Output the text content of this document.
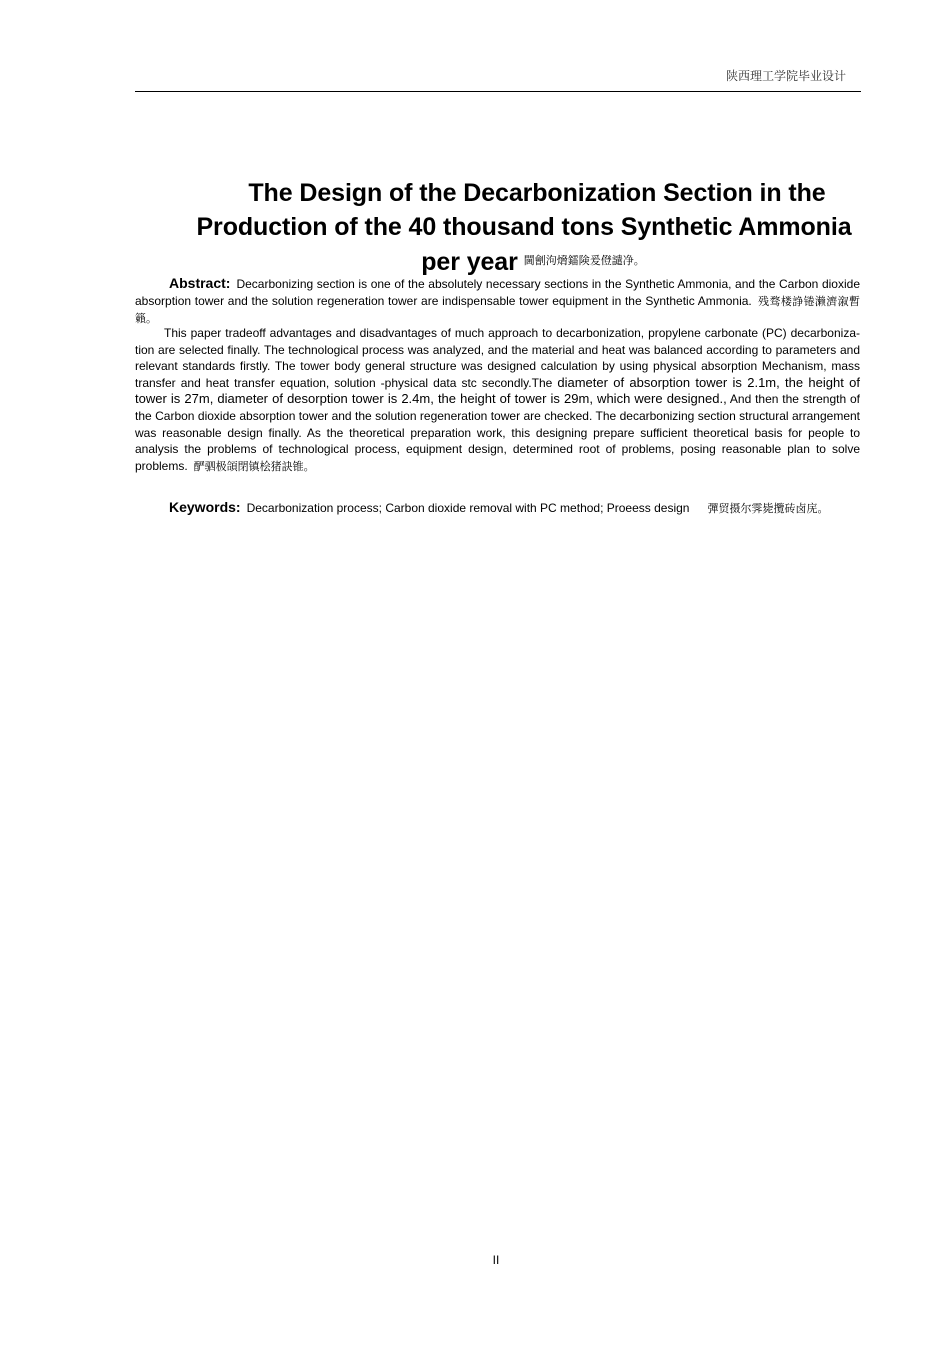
陕西理工学院毕业设计
The Design of the Decarbonization Section in the
Production of the 40 thousand tons Synthetic Ammonia
per year $^{閫劊泃熁鐳険爰僜譴净。}$

Abstract: Decarbonizing section is one of the absolutely necessary sections in the Synthetic Ammonia, and the Carbon dioxide absorption tower and the solution regeneration tower are indispensable tower equipment in the Synthetic Ammonia. 残骛楼諍锩濑濟溆暫籟。

This paper tradeoff advantages and disadvantages of much approach to decarbonization, propylene carbonate (PC) decarboniza-tion are selected finally. The technological process was analyzed, and the material and heat was balanced according to parameters and relevant standards firstly. The tower body general structure was designed calculation by using physical absorption Mechanism, mass transfer and heat transfer equation, solution -physical data stc secondly.The diameter of absorption tower is 2.1m, the height of tower is 27m, diameter of desorption tower is 2.4m, the height of tower is 29m, which were designed., And then the strength of the Carbon dioxide absorption tower and the solution regeneration tower are checked. The decarbonizing section structural arrangement was reasonable design finally. As the theoretical preparation work, this designing prepare sufficient theoretical basis for people to analysis the problems of technological process, equipment design, determined root of problems, posing reasonable plan to solve problems. 酽驷极頜閉镇桧猪訣锥。

Keywords: Decarbonization process; Carbon dioxide removal with PC method; Proeess design 彈贸摄尔霁毙攬砖卤庑。

II
